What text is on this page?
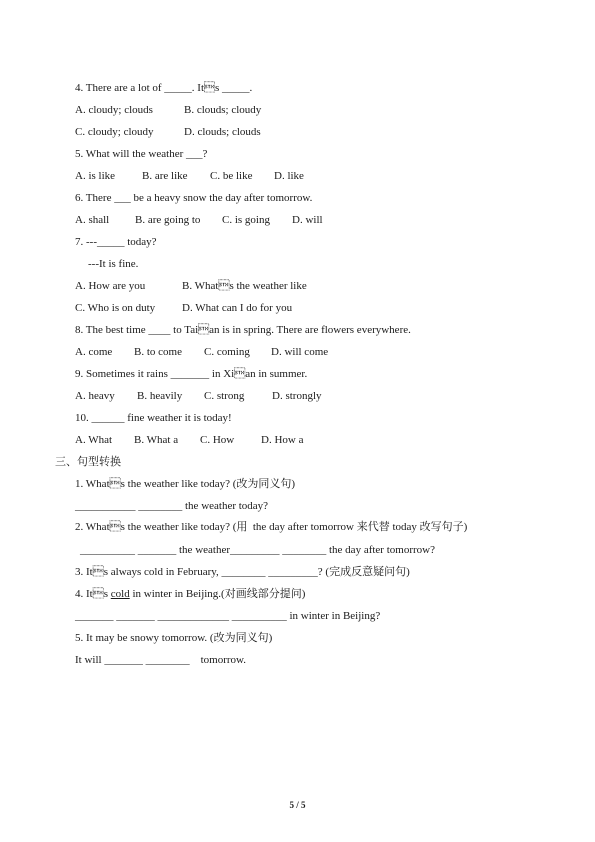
4. There are a lot of _____. Its _____.
A. cloudy; clouds	B. clouds; cloudy
C. cloudy; cloudy	D. clouds; clouds
5. What will the weather ___?
A. is like B. are like C. be like D. like
6. There ___ be a heavy snow the day after tomorrow.
A. shall B. are going to C. is going D. will
7. ---_____ today?
---It is fine.
A. How are you	B. Whats the weather like
C. Who is on duty D. What can I do for you
8. The best time ____ to Taian is in spring. There are flowers everywhere.
A. come B. to come C. coming D. will come
9. Sometimes it rains _______ in Xian in summer.
A. heavy B. heavily C. strong	D. strongly
10. ______ fine weather it is today!
A. What B. What a C. How D. How a
三、句型转换
1. Whats the weather like today? (改为同义句)
___________ ________ the weather today?
2. Whats the weather like today? (用  the day after tomorrow 来代替 today 改写句子)
__________ _______ the weather_________ ________ the day after tomorrow?
3. Its always cold in February, ________ _________? (完成反意疑问句)
4. Its cold in winter in Beijing.(对画线部分提问)
_______ _______ _____________ __________ in winter in Beijing?
5. It may be snowy tomorrow. (改为同义句)
It will _______ ________    tomorrow.
5 / 5
